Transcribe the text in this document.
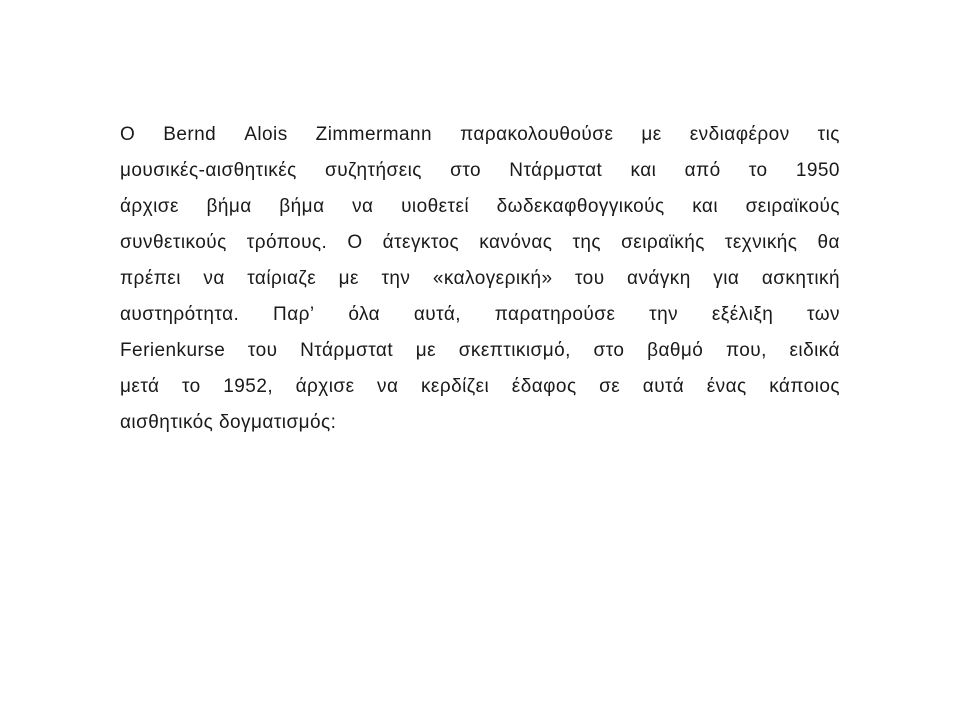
Ο Bernd Alois Zimmermann παρακολουθούσε με ενδιαφέρον τις
μουσικές-αισθητικές συζητήσεις στο Ντάρμσταt και από το 1950
άρχισε βήμα βήμα να υιοθετεί δωδεκαφθογγικούς και σειραϊκούς
συνθετικούς τρόπους. Ο άτεγκτος κανόνας της σειραϊκής τεχνικής θα
πρέπει να ταίριαζε με την «καλογερική» του ανάγκη για ασκητική
αυστηρότητα. Παρ’ όλα αυτά, παρατηρούσε την εξέλιξη των
Ferienkurse του Ντάρμσταt με σκεπτικισμό, στο βαθμό που, ειδικά
μετά το 1952, άρχισε να κερδίζει έδαφος σε αυτά ένας κάποιος
αισθητικός δογματισμός:
